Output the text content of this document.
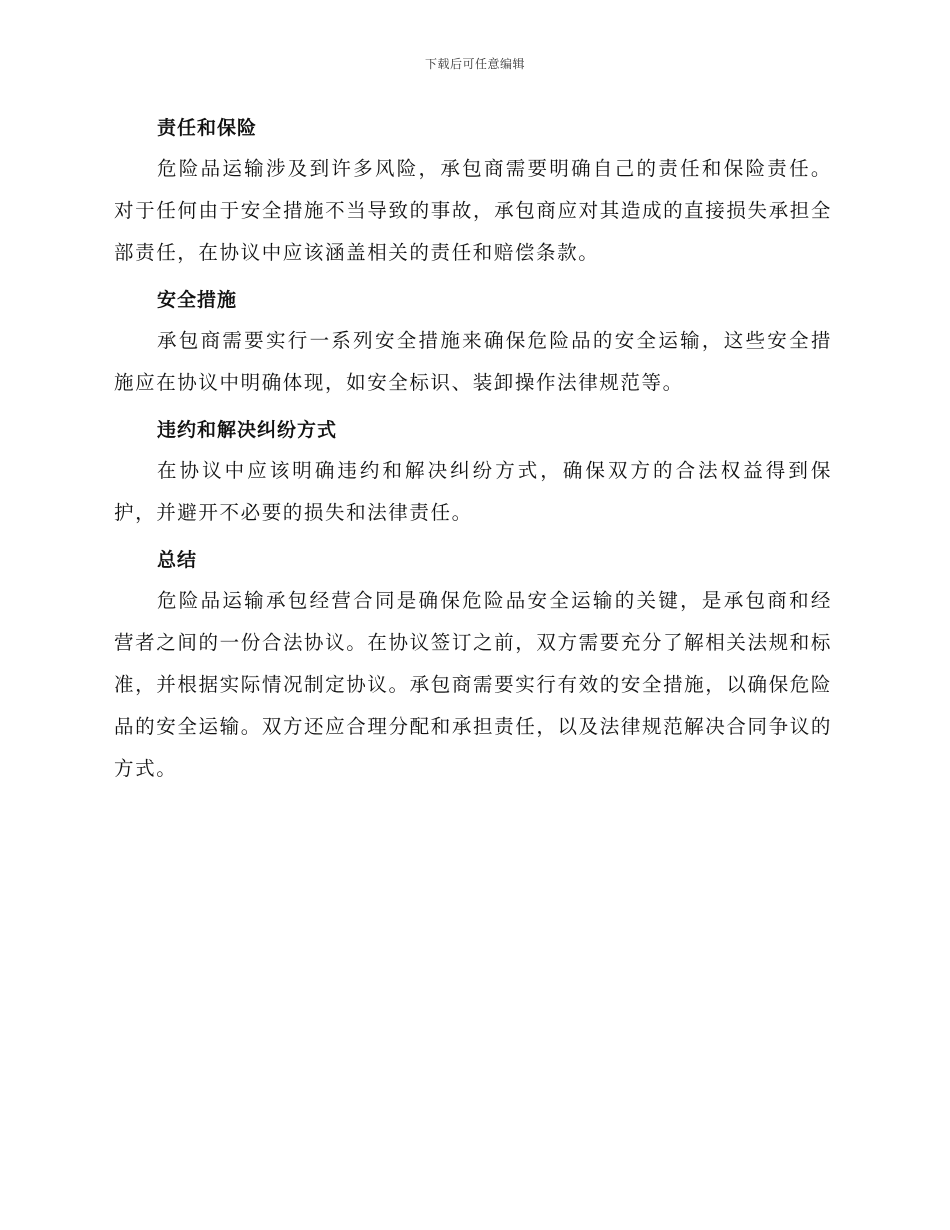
下载后可任意编辑
责任和保险

危险品运输涉及到许多风险，承包商需要明确自己的责任和保险责任。对于任何由于安全措施不当导致的事故，承包商应对其造成的直接损失承担全部责任，在协议中应该涵盖相关的责任和赔偿条款。

安全措施

承包商需要实行一系列安全措施来确保危险品的安全运输，这些安全措施应在协议中明确体现，如安全标识、装卸操作法律规范等。

违约和解决纠纷方式

在协议中应该明确违约和解决纠纷方式，确保双方的合法权益得到保护，并避开不必要的损失和法律责任。

总结

危险品运输承包经营合同是确保危险品安全运输的关键，是承包商和经营者之间的一份合法协议。在协议签订之前，双方需要充分了解相关法规和标准，并根据实际情况制定协议。承包商需要实行有效的安全措施，以确保危险品的安全运输。双方还应合理分配和承担责任，以及法律规范解决合同争议的方式。
